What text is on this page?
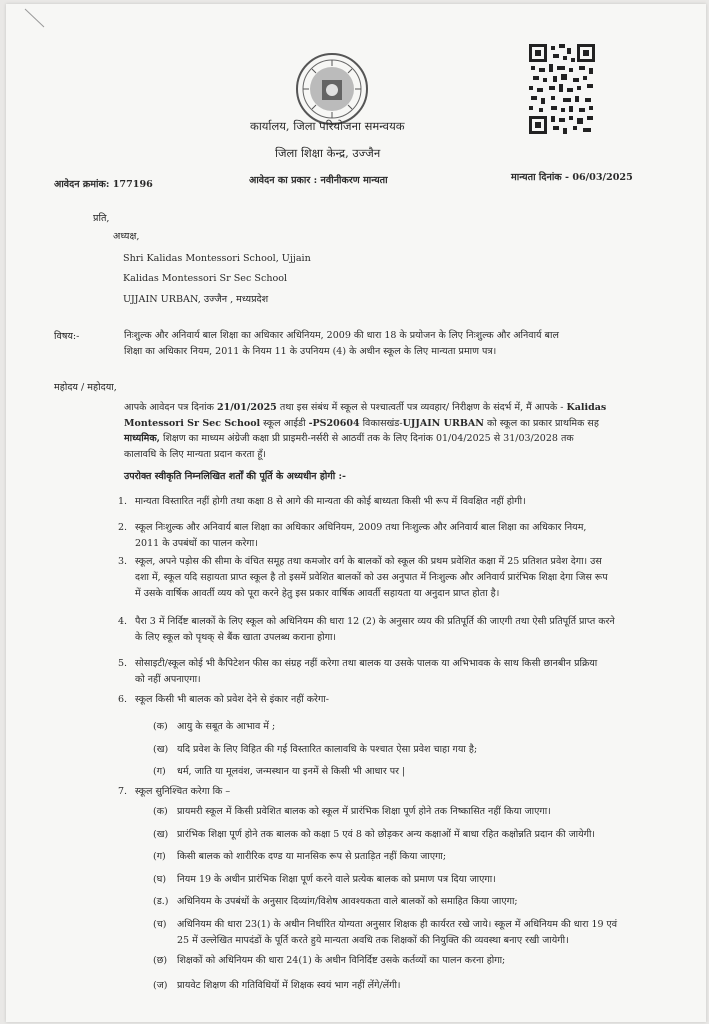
कार्यालय, जिला परियोजना समन्वयक
जिला शिक्षा केन्द्र, उज्जैन
आवेदन क्रमांक: 177196	आवेदन का प्रकार : नवीनीकरण मान्यता	मान्यता दिनांक - 06/03/2025
प्रति,
अध्यक्ष,
Shri Kalidas Montessori School, Ujjain
Kalidas Montessori Sr Sec School
UJJAIN URBAN, उज्जैन , मध्यप्रदेश
विषय:-	निःशुल्क और अनिवार्य बाल शिक्षा का अधिकार अधिनियम, 2009 की धारा 18 के प्रयोजन के लिए निःशुल्क और अनिवार्य बाल
शिक्षा का अधिकार नियम, 2011 के नियम 11 के उपनियम (4) के अधीन स्कूल के लिए मान्यता प्रमाण पत्र।
महोदय / महोदया,
आपके आवेदन पत्र दिनांक 21/01/2025 तथा इस संबंध में स्कूल से पश्चात्वर्ती पत्र व्यवहार/ निरीक्षण के संदर्भ में, मैं आपके - Kalidas
Montessori Sr Sec School स्कूल आईडी -PS20604 विकासखंड-UJJAIN URBAN को स्कूल का प्रकार प्राथमिक सह
माध्यमिक, शिक्षण का माध्यम अंग्रेजी कक्षा प्री प्राइमरी-नर्सरी से आठवीं तक के लिए दिनांक 01/04/2025 से 31/03/2028 तक
कालावधि के लिए मान्यता प्रदान करता हूँ।
उपरोक्त स्वीकृति निम्नलिखित शर्तों की पूर्ति के अध्यधीन होगी :-
7. स्कूल सुनिश्चित करेगा कि –
1. मान्यता विस्तारित नहीं होगी तथा कक्षा 8 से आगे की मान्यता की कोई बाध्यता किसी भी रूप में विवक्षित नहीं होगी।
2. स्कूल निःशुल्क और अनिवार्य बाल शिक्षा का अधिकार अधिनियम, 2009 तथा निःशुल्क और अनिवार्य बाल शिक्षा का अधिकार नियम,
2011 के उपबंधों का पालन करेगा।
3. स्कूल, अपने पड़ोस की सीमा के वंचित समूह तथा कमजोर वर्ग के बालकों को स्कूल की प्रथम प्रवेशित कक्षा में 25 प्रतिशत प्रवेश देगा। उस
दशा में, स्कूल यदि सहायता प्राप्त स्कूल है तो इसमें प्रवेशित बालकों को उस अनुपात में निःशुल्क और अनिवार्य प्रारंभिक शिक्षा देगा जिस रूप
में उसके वार्षिक आवर्ती व्यय को पूरा करने हेतु इस प्रकार वार्षिक आवर्ती सहायता या अनुदान प्राप्त होता है।
4. पैरा 3 में निर्दिष्ट बालकों के लिए स्कूल को अधिनियम की धारा 12 (2) के अनुसार व्यय की प्रतिपूर्ति की जाएगी तथा ऐसी प्रतिपूर्ति प्राप्त करने
के लिए स्कूल को पृथक् से बैंक खाता उपलब्ध कराना होगा।
5. सोसाइटी/स्कूल कोई भी कैपिटेशन फीस का संग्रह नहीं करेगा तथा बालक या उसके पालक या अभिभावक के साथ किसी छानबीन प्रक्रिया
को नहीं अपनाएगा।
6. स्कूल किसी भी बालक को प्रवेश देने से इंकार नहीं करेगा-
(क) आयु के सबूत के आभाव में ;
(ख) यदि प्रवेश के लिए विहित की गई विस्तारित कालावधि के पश्चात ऐसा प्रवेश चाहा गया है;
(ग) धर्म, जाति या मूलवंश, जन्मस्थान या इनमें से किसी भी आधार पर |
(क) प्रायमरी स्कूल में किसी प्रवेशित बालक को स्कूल में प्रारंभिक शिक्षा पूर्ण होने तक निष्कासित नहीं किया जाएगा।
(ख) प्रारंभिक शिक्षा पूर्ण होने तक बालक को कक्षा 5 एवं 8 को छोड़कर अन्य कक्षाओं में बाधा रहित कक्षोन्नति प्रदान की जायेगी।
(ग) किसी बालक को शारीरिक दण्ड या मानसिक रूप से प्रताड़ित नहीं किया जाएगा;
(घ) नियम 19 के अधीन प्रारंभिक शिक्षा पूर्ण करने वाले प्रत्येक बालक को प्रमाण पत्र दिया जाएगा।
(ड.) अधिनियम के उपबंधों के अनुसार दिव्यांग/विशेष आवश्यकता वाले बालकों को समाहित किया जाएगा;
(च) अधिनियम की धारा 23(1) के अधीन निर्धारित योग्यता अनुसार शिक्षक ही कार्यरत रखे जाये। स्कूल में अधिनियम की धारा 19 एवं
25 में उल्लेखित मापदंडों के पूर्ति करते हुये मान्यता अवधि तक शिक्षकों की नियुक्ति की व्यवस्था बनाए रखी जायेगी।
(छ) शिक्षकों को अधिनियम की धारा 24(1) के अधीन विनिर्दिष्ट उसके कर्तव्यों का पालन करना होगा;
(ज) प्रायवेट शिक्षण की गतिविधियों में शिक्षक स्वयं भाग नहीं लेंगे/लेंगी।
